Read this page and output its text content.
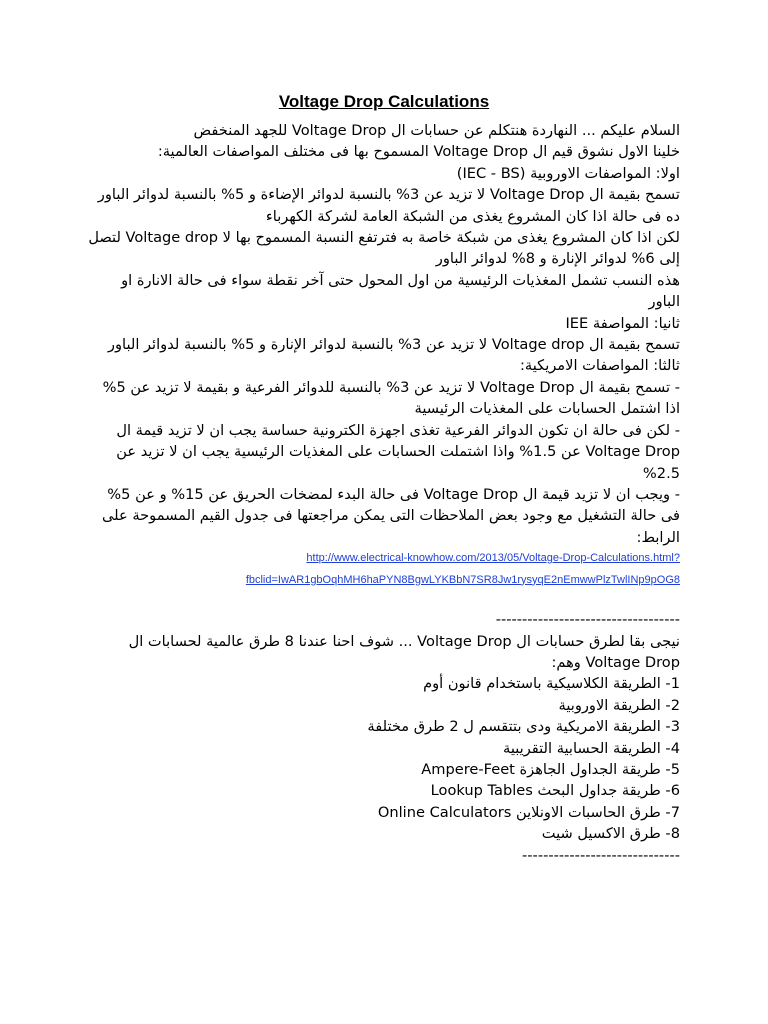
Voltage Drop Calculations

السلام عليكم ... النهاردة هنتكلم عن حسابات ال Voltage Drop للجهد المنخفض

خلينا الاول نشوق قيم ال Voltage Drop المسموح بها فى مختلف المواصفات العالمية:

اولا: المواصفات الاوروبية (IEC - BS)

تسمح بقيمة ال Voltage Drop لا تزيد عن 3% بالنسبة لدوائر الإضاءة و 5% بالنسبة لدوائر الباور ده فى حالة اذا كان المشروع يغذى من الشبكة العامة لشركة الكهرباء

لكن اذا كان المشروع يغذى من شبكة خاصة به فترتفع النسبة المسموح بها لا Voltage drop لتصل إلى 6% لدوائر الإنارة و 8% لدوائر الباور

هذه النسب تشمل المغذيات الرئيسية من اول المحول حتى آخر نقطة سواء فى حالة الانارة او الباور

ثانيا: المواصفة IEE

تسمح بقيمة ال Voltage drop لا تزيد عن 3% بالنسبة لدوائر الإنارة و 5% بالنسبة لدوائر الباور

ثالثا: المواصفات الامريكية:

- تسمح بقيمة ال Voltage Drop لا تزيد عن 3% بالنسبة للدوائر الفرعية و بقيمة لا تزيد عن 5% اذا اشتمل الحسابات على المغذيات الرئيسية

- لكن فى حالة ان تكون الدوائر الفرعية تغذى اجهزة الكترونية حساسة يجب ان لا تزيد قيمة ال Voltage Drop عن 1.5% واذا اشتملت الحسابات على المغذيات الرئيسية يجب ان لا تزيد عن 2.5%

- ويجب ان لا تزيد قيمة ال Voltage Drop فى حالة البدء لمضخات الحريق عن 15% و عن 5% فى حالة التشغيل مع وجود بعض الملاحظات التى يمكن مراجعتها فى جدول القيم المسموحة على الرابط:

http://www.electrical-knowhow.com/2013/05/Voltage-Drop-Calculations.html?
fbclid=IwAR1gbOqhMH6haPYN8BgwLYKBbN7SR8Jw1rysyqE2nEmwwPlzTwlINp9pOG8
-----------------------------------

نيجى بقا لطرق حسابات ال Voltage Drop ... شوف احنا عندنا 8 طرق عالمية لحسابات ال Voltage Drop وهم:

1- الطريقة الكلاسيكية باستخدام قانون أوم

2- الطريقة الاوروبية

3- الطريقة الامريكية ودى بتتقسم ل 2 طرق مختلفة

4- الطريقة الحسابية التقريبية

5- طريقة الجداول الجاهزة Ampere-Feet

6- طريقة جداول البحث Lookup Tables

7- طرق الحاسبات الاونلاين Online Calculators

8- طرق الاكسيل شيت

------------------------------
